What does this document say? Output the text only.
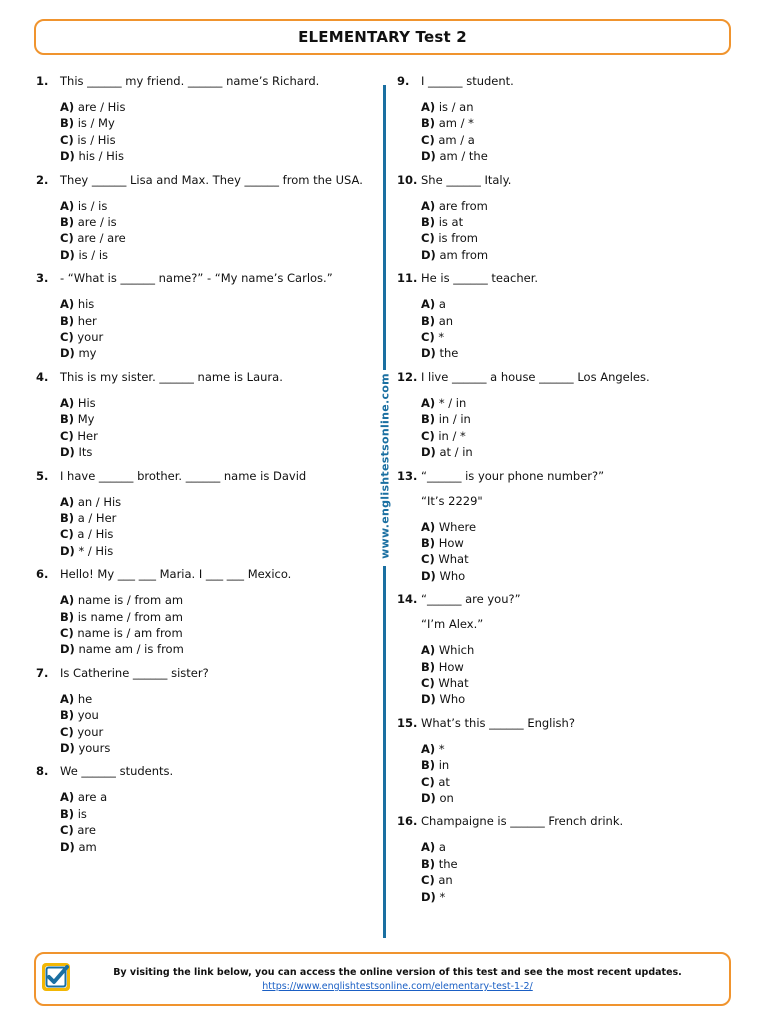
ELEMENTARY Test 2
1.	This ______ my friend. ______ name’s Richard.
A) are / His
B) is / My
C) is / His
D) his / His
2.	They ______ Lisa and Max. They ______ from the USA.
A) is / is
B) are / is
C) are / are
D) is / is
3.	- “What is ______ name?” - “My name’s Carlos.”
A) his
B) her
C) your
D) my
4.	This is my sister. ______ name is Laura.
A) His
B) My
C) Her
D) Its
5.	I have ______ brother. ______ name is David
A) an / His
B) a / Her
C) a / His
D) * / His
6.	Hello! My ___ ___ Maria. I ___ ___ Mexico.
A) name is / from am
B) is name / from am
C) name is / am from
D) name am / is from
7.	Is Catherine ______ sister?
A) he
B) you
C) your
D) yours
8.	We ______ students.
A) are a
B) is
C) are
D) am
9.	I ______ student.
A) is / an
B) am / *
C) am / a
D) am / the
10. She ______ Italy.
A) are from
B) is at
C) is from
D) am from
11. He is ______ teacher.
A) a
B) an
C) *
D) the
12. I live ______ a house ______ Los Angeles.
A) * / in
B) in / in
C) in / *
D) at / in
13. “______ is your phone number?”
“It’s 2229"
A) Where
B) How
C) What
D) Who
14. “______ are you?”
“I’m Alex.”
A) Which
B) How
C) What
D) Who
15. What’s this ______ English?
A) *
B) in
C) at
D) on
16. Champaigne is ______ French drink.
A) a
B) the
C) an
D) *
www.englishtestsonline.com
By visiting the link below, you can access the online version of this test and see the most recent updates.
https://www.englishtestsonline.com/elementary-test-1-2/
